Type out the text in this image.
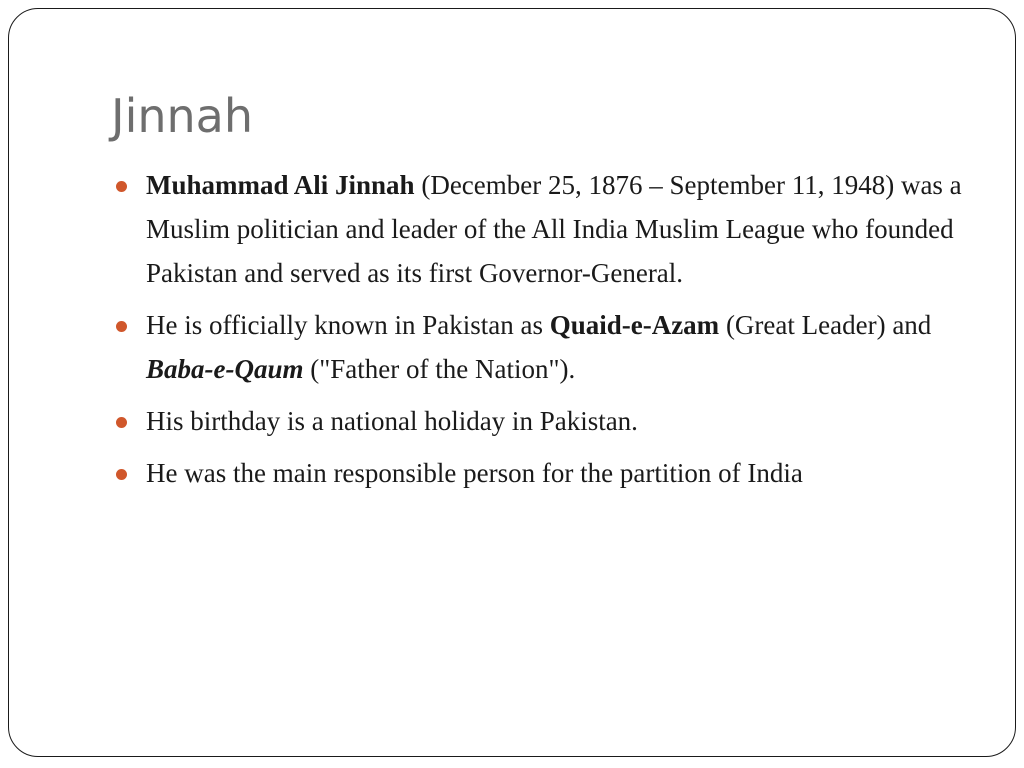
Jinnah
Muhammad Ali Jinnah (December 25, 1876 – September 11, 1948) was a Muslim politician and leader of the All India Muslim League who founded Pakistan and served as its first Governor-General.
He is officially known in Pakistan as Quaid-e-Azam (Great Leader) and Baba-e-Qaum ("Father of the Nation").
His birthday is a national holiday in Pakistan.
He was the main responsible person for the partition of India
